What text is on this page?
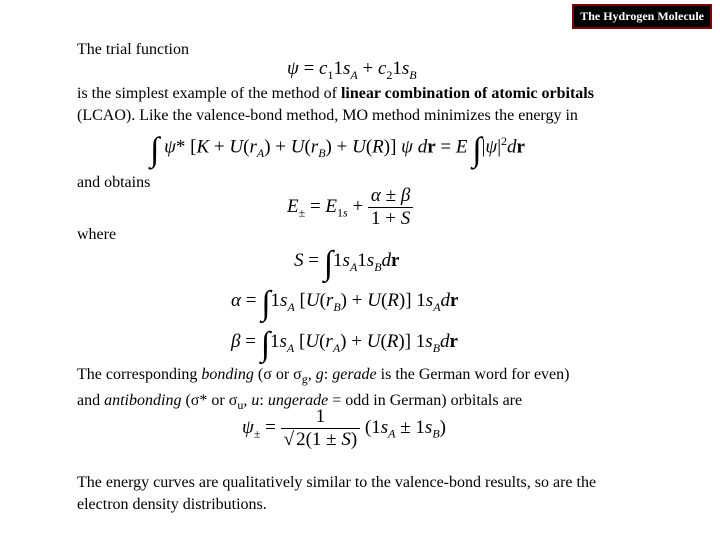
The Hydrogen Molecule
The trial function
$\psi = c_11s_A + c_21s_B$
is the simplest example of the method of linear combination of atomic orbitals
(LCAO). Like the valence-bond method, MO method minimizes the energy in
∫ ψ* $[K + U(r_A) + U(r_B) + U(R)]$ ψ dr = E $\int|\psi|^2dr$
and obtains
$E_\pm = E_{1s} + \frac{\alpha \pm \beta}{1 + S}$
where
$S = \int 1s_A1s_Bdr$
$\alpha = \int 1s_A$ $[U(r_B) + U(R)]$ $1s_Adr$
$\beta = \int 1s_A$ $[U(r_A) + U(R)]$ $1s_Bdr$
The corresponding bonding (σ or $\sigma_g$, g: gerade is the German word for even)
and antibonding (σ* or $\sigma_u$, u: ungerade = odd in German) orbitals are
$\psi_\pm = \frac{1}{√ 2(1 \pm S)} (1s_A \pm 1s_B)$
The energy curves are qualitatively similar to the valence-bond results, so are the electron density distributions.
